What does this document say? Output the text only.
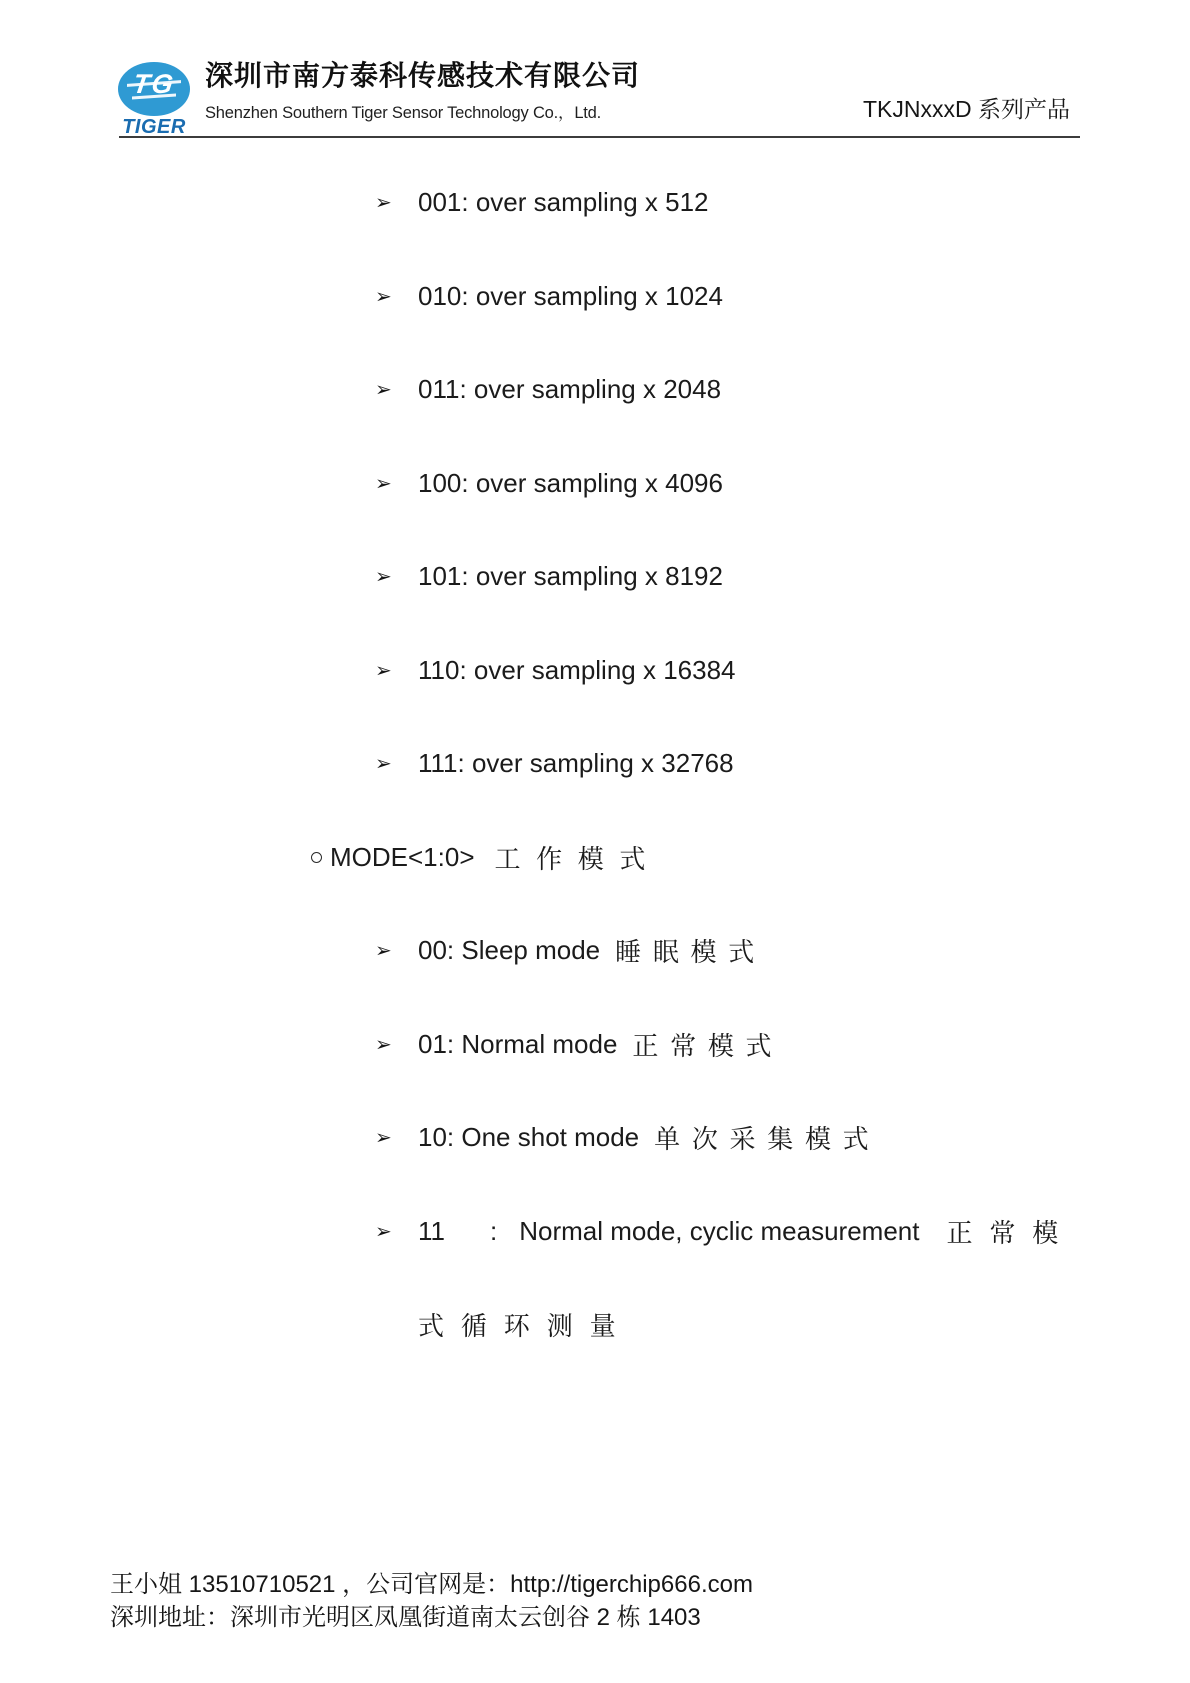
TG
TIGER
深圳市南方泰科传感技术有限公司
Shenzhen Southern Tiger Sensor Technology Co.，Ltd.	TKJNxxxD 系列产品
➢	001: over sampling x 512
➢	010: over sampling x 1024
➢	011: over sampling x 2048
➢	100: over sampling x 4096
➢	101: over sampling x 8192
➢	110: over sampling x 16384
➢	111: over sampling x 32768
MODE<1:0> 工作模式
➢	00: Sleep mode 睡眠模式
➢	01: Normal mode 正常模式
➢	10: One shot mode 单次采集模式
➢	11 : Normal mode, cyclic measurement 正常模
式循环测量
王小姐 13510710521 ，公司官网是：http://tigerchip666.com
深圳地址：深圳市光明区凤凰街道南太云创谷 2 栋 1403
